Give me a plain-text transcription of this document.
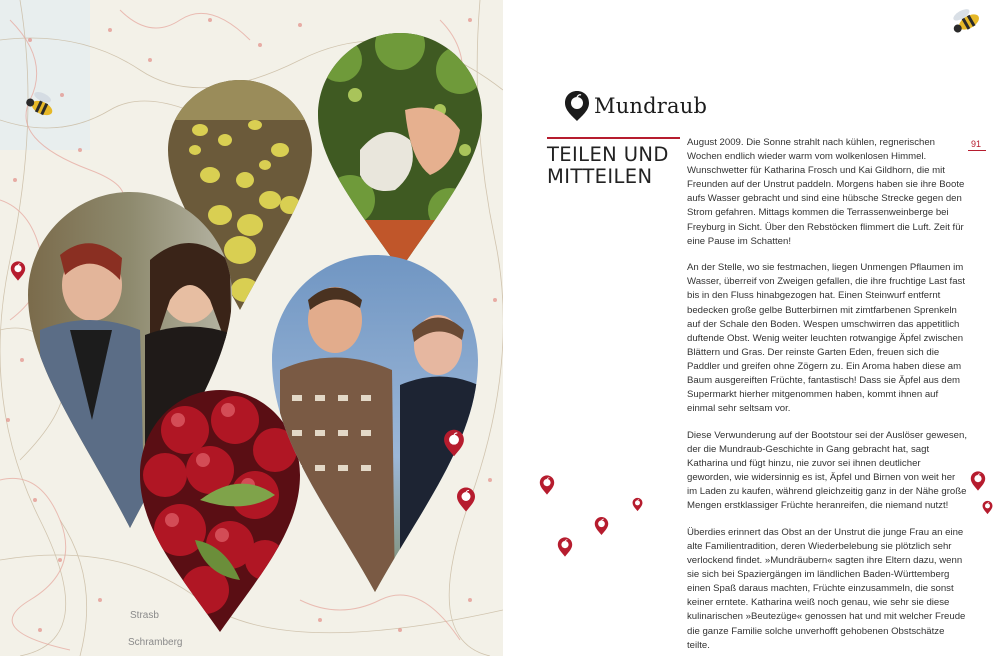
Strasb
Schramberg
Mundraub
TEILEN UND
MITTEILEN
91

August 2009. Die Sonne strahlt nach kühlen, regnerischen Wochen endlich wieder warm vom wolkenlosen Himmel. Wunschwetter für Katharina Frosch und Kai Gildhorn, die mit Freunden auf der Unstrut paddeln. Morgens haben sie ihre Boote aufs Wasser gebracht und sind eine hübsche Strecke gegen den Strom gefahren. Mittags kommen die Terrassenweinberge bei Freyburg in Sicht. Über den Rebstöcken flimmert die Luft. Zeit für eine Pause im Schatten!

An der Stelle, wo sie festmachen, liegen Unmengen Pflaumen im Wasser, überreif von Zweigen gefallen, die ihre fruchtige Last fast bis in den Fluss hinabgezogen hat. Einen Steinwurf entfernt bedecken große gelbe Butterbirnen mit zimtfarbenen Sprenkeln auf der Schale den Boden. Wespen umschwirren das appetitlich duftende Obst. Wenig weiter leuchten rotwangige Äpfel zwischen Blättern und Gras. Der reinste Garten Eden, freuen sich die Paddler und greifen ohne Zögern zu. Ein Aroma haben diese am Baum ausgereiften Früchte, fantastisch! Dass sie Äpfel aus dem Supermarkt hierher mitgenommen haben, kommt ihnen auf einmal sehr seltsam vor.

Diese Verwunderung auf der Bootstour sei der Auslöser gewesen, der die Mundraub-Geschichte in Gang gebracht hat, sagt Katharina und fügt hinzu, nie zuvor sei ihnen deutlicher geworden, wie widersinnig es ist, Äpfel und Birnen von weit her im Laden zu kaufen, während gleichzeitig ganz in der Nähe große Mengen erstklassiger Früchte heranreifen, die niemand nutzt!

Überdies erinnert das Obst an der Unstrut die junge Frau an eine alte Familientradition, deren Wiederbelebung sie plötzlich sehr verlockend findet. »Mundräubern« sagten ihre Eltern dazu, wenn sie sich bei Spaziergängen im ländlichen Baden-Württemberg einen Spaß daraus machten, Früchte einzusammeln, die sonst keiner erntete. Katharina weiß noch genau, wie sehr sie diese kulinarischen »Beutezüge« genossen hat und mit welcher Freude die ganze Familie solche unverhofft gehobenen Obstschätze teilte.
